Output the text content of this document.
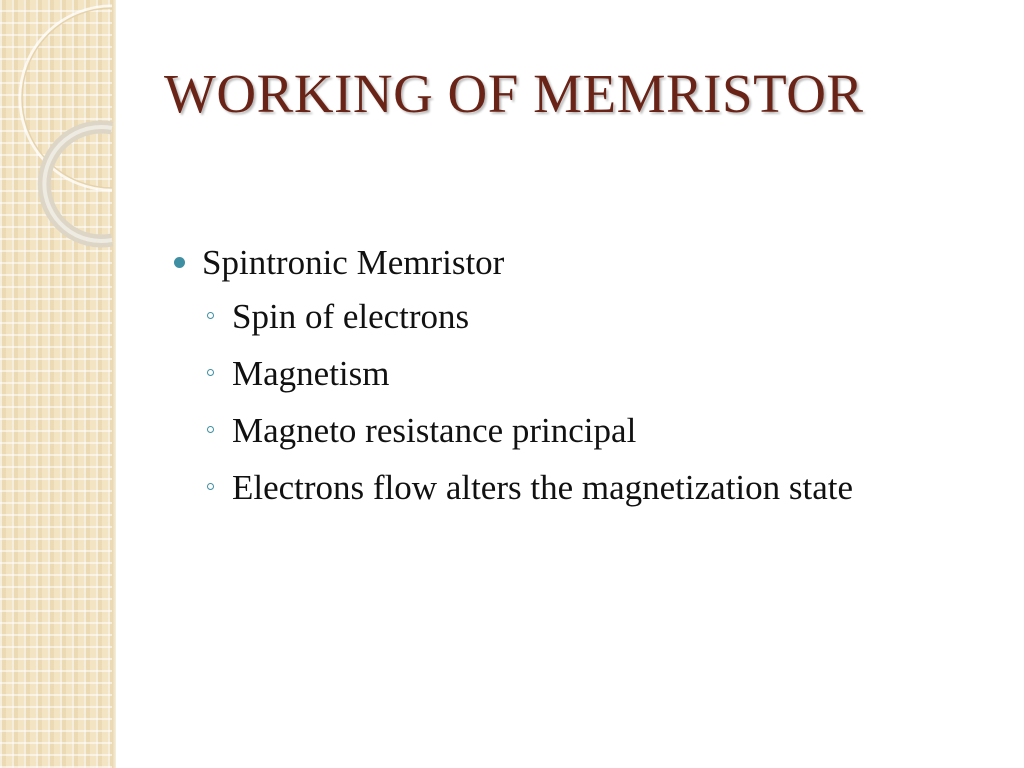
WORKING OF MEMRISTOR
Spintronic Memristor
Spin of electrons
Magnetism
Magneto resistance principal
Electrons flow alters the magnetization state
